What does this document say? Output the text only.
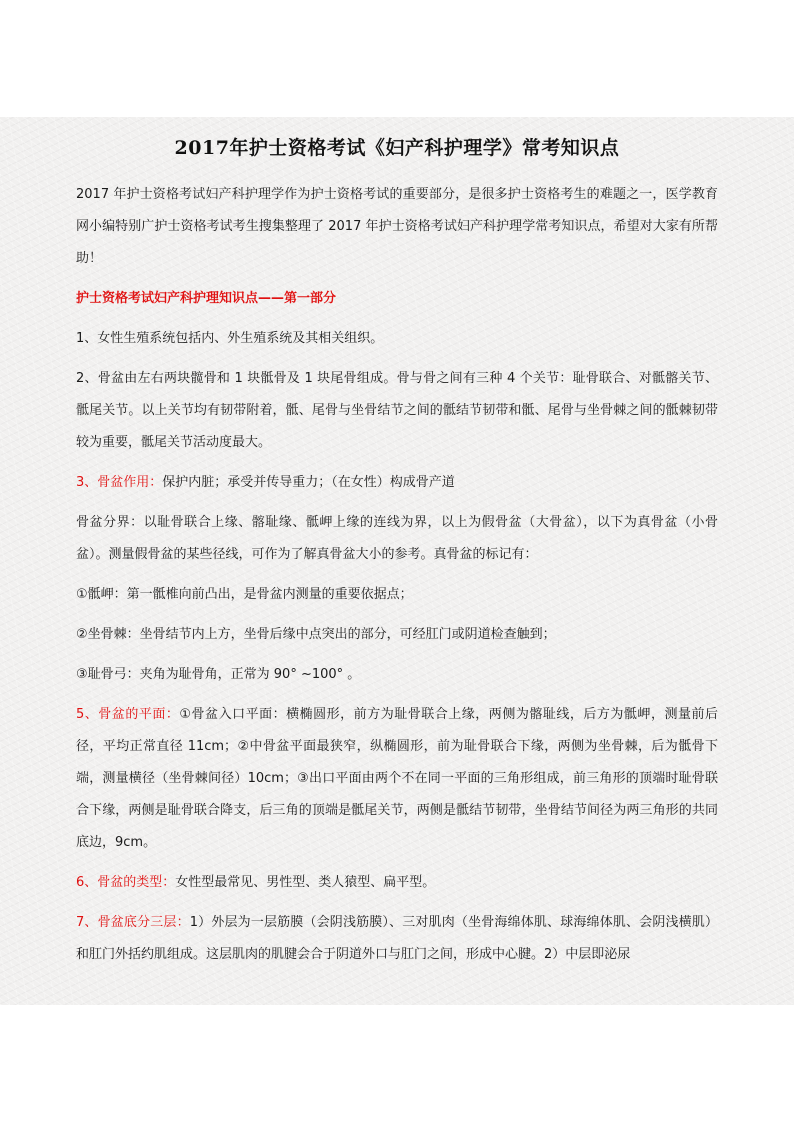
2017年护士资格考试《妇产科护理学》常考知识点

2017 年护士资格考试妇产科护理学作为护士资格考试的重要部分，是很多护士资格考生的难题之一，医学教育网小编特别广护士资格考试考生搜集整理了 2017 年护士资格考试妇产科护理学常考知识点，希望对大家有所帮助！

护士资格考试妇产科护理知识点——第一部分

1、女性生殖系统包括内、外生殖系统及其相关组织。

2、骨盆由左右两块髋骨和 1 块骶骨及 1 块尾骨组成。骨与骨之间有三种 4 个关节：耻骨联合、对骶髂关节、骶尾关节。以上关节均有韧带附着，骶、尾骨与坐骨结节之间的骶结节韧带和骶、尾骨与坐骨棘之间的骶棘韧带较为重要，骶尾关节活动度最大。

3、骨盆作用：保护内脏；承受并传导重力；（在女性）构成骨产道

骨盆分界：以耻骨联合上缘、髂耻缘、骶岬上缘的连线为界，以上为假骨盆（大骨盆），以下为真骨盆（小骨盆）。测量假骨盆的某些径线，可作为了解真骨盆大小的参考。真骨盆的标记有：

①骶岬：第一骶椎向前凸出，是骨盆内测量的重要依据点；

②坐骨棘：坐骨结节内上方，坐骨后缘中点突出的部分，可经肛门或阴道检查触到；

③耻骨弓：夹角为耻骨角，正常为 90° ~100° 。

5、骨盆的平面：①骨盆入口平面：横椭圆形，前方为耻骨联合上缘，两侧为髂耻线，后方为骶岬，测量前后径，平均正常直径 11cm；②中骨盆平面最狭窄，纵椭圆形，前为耻骨联合下缘，两侧为坐骨棘，后为骶骨下端，测量横径（坐骨棘间径）10cm；③出口平面由两个不在同一平面的三角形组成，前三角形的顶端时耻骨联合下缘，两侧是耻骨联合降支，后三角的顶端是骶尾关节，两侧是骶结节韧带，坐骨结节间径为两三角形的共同底边，9cm。

6、骨盆的类型：女性型最常见、男性型、类人猿型、扁平型。

7、骨盆底分三层：1）外层为一层筋膜（会阴浅筋膜）、三对肌肉（坐骨海绵体肌、球海绵体肌、会阴浅横肌）和肛门外括约肌组成。这层肌肉的肌腱会合于阴道外口与肛门之间，形成中心腱。2）中层即泌尿
